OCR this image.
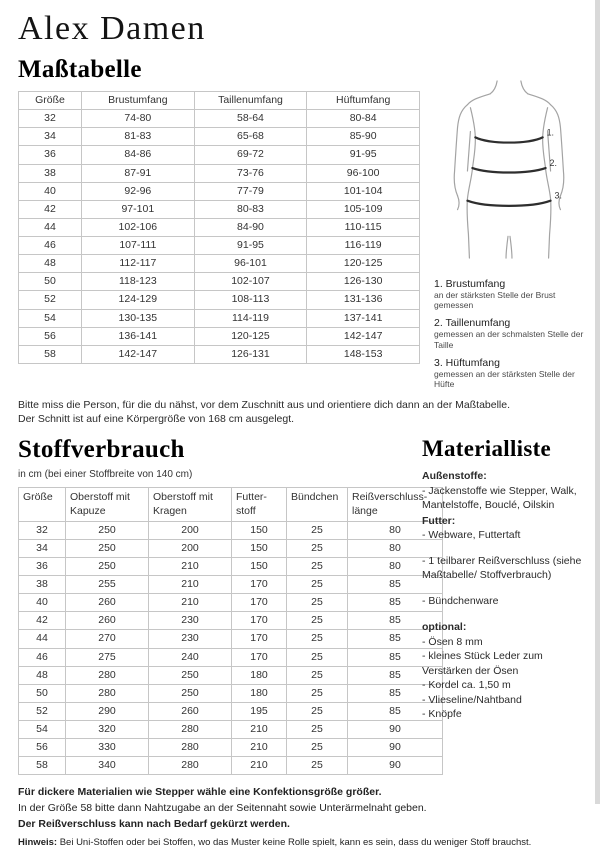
Alex Damen
Maßtabelle
Größe	Brustumfang	Taillenumfang	Hüftumfang
32	74-80	58-64	80-84
34	81-83	65-68	85-90
36	84-86	69-72	91-95
38	87-91	73-76	96-100
40	92-96	77-79	101-104
42	97-101	80-83	105-109
44	102-106	84-90	110-115
46	107-111	91-95	116-119
48	112-117	96-101	120-125
50	118-123	102-107	126-130
52	124-129	108-113	131-136
54	130-135	114-119	137-141
56	136-141	120-125	142-147
58	142-147	126-131	148-153
1.
2.
3.
1. Brustumfang
an der stärksten Stelle der Brust gemessen
2. Taillenumfang
gemessen an der schmalsten Stelle der Taille
3. Hüftumfang
gemessen an der stärksten Stelle der Hüfte
Bitte miss die Person, für die du nähst, vor dem Zuschnitt aus und orientiere dich dann an der Maßtabelle.
Der Schnitt ist auf eine Körpergröße von 168 cm ausgelegt.
Stoffverbrauch
in cm (bei einer Stoffbreite von 140 cm)
Größe	Oberstoff mit Kapuze	Oberstoff mit Kragen	Futter-stoff	Bündchen	Reißverschluss-länge
32	250	200	150	25	80
34	250	200	150	25	80
36	250	210	150	25	80
38	255	210	170	25	85
40	260	210	170	25	85
42	260	230	170	25	85
44	270	230	170	25	85
46	275	240	170	25	85
48	280	250	180	25	85
50	280	250	180	25	85
52	290	260	195	25	85
54	320	280	210	25	90
56	330	280	210	25	90
58	340	280	210	25	90
Materialliste
Außenstoffe:
- Jackenstoffe wie Stepper, Walk, Mantelstoffe, Bouclé, Oilskin
Futter:
- Webware, Futtertaft
- 1 teilbarer Reißverschluss (siehe Maßtabelle/ Stoffverbrauch)
- Bündchenware
optional:
- Ösen 8 mm
- kleines Stück Leder zum Verstärken der Ösen
- Kordel ca. 1,50 m
- Vlieseline/Nahtband
- Knöpfe
Für dickere Materialien wie Stepper wähle eine Konfektionsgröße größer.
In der Größe 58 bitte dann Nahtzugabe an der Seitennaht sowie Unterärmelnaht geben.
Der Reißverschluss kann nach Bedarf gekürzt werden.
Hinweis: Bei Uni-Stoffen oder bei Stoffen, wo das Muster keine Rolle spielt, kann es sein, dass du weniger Stoff brauchst.
